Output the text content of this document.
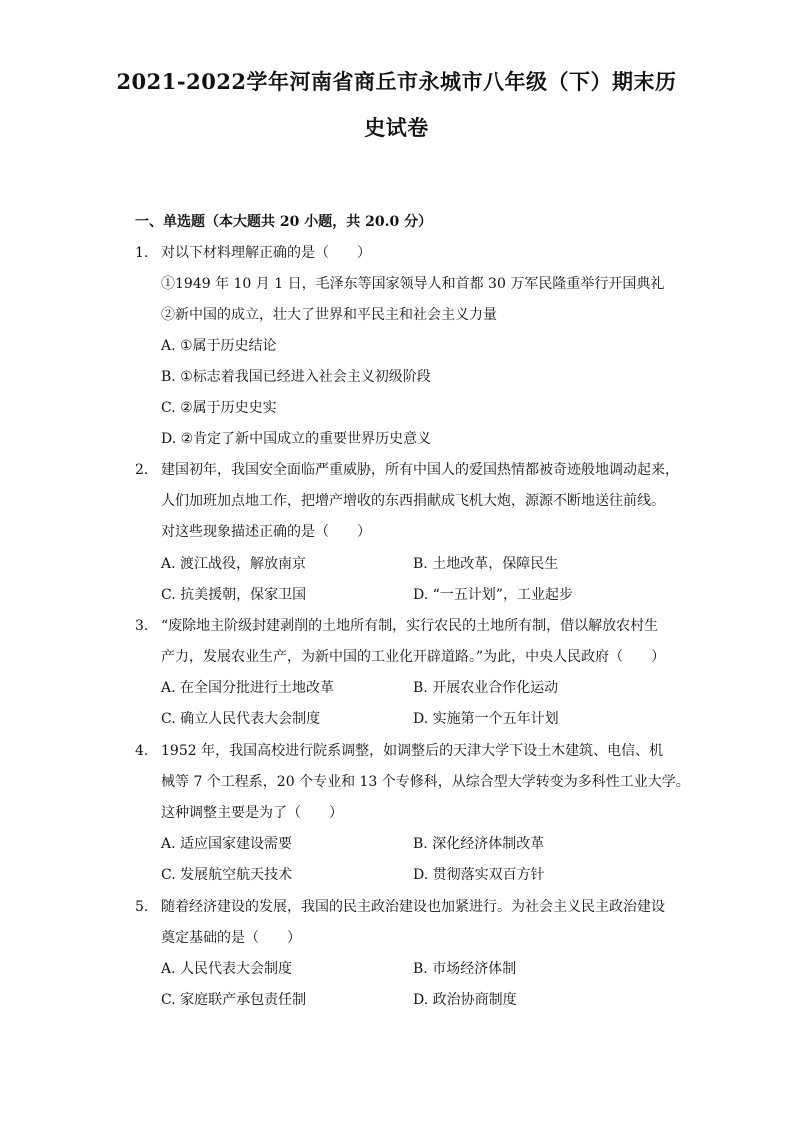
2021-2022学年河南省商丘市永城市八年级（下）期末历
史试卷
一、单选题（本大题共 20 小题，共 20.0 分）
1. 对以下材料理解正确的是（　　）
①1949 年 10 月 1 日，毛泽东等国家领导人和首都 30 万军民隆重举行开国典礼
②新中国的成立，壮大了世界和平民主和社会主义力量
A. ①属于历史结论
B. ①标志着我国已经进入社会主义初级阶段
C. ②属于历史史实
D. ②肯定了新中国成立的重要世界历史意义
2. 建国初年，我国安全面临严重威胁，所有中国人的爱国热情都被奇迹般地调动起来，
人们加班加点地工作，把增产增收的东西捐献成飞机大炮，源源不断地送往前线。
对这些现象描述正确的是（　　）
A. 渡江战役，解放南京	B. 土地改革，保障民生
C. 抗美援朝，保家卫国	D. “一五计划”，工业起步
3. “废除地主阶级封建剥削的土地所有制，实行农民的土地所有制，借以解放农村生
产力，发展农业生产，为新中国的工业化开辟道路。”为此，中央人民政府（　　）
A. 在全国分批进行土地改革	B. 开展农业合作化运动
C. 确立人民代表大会制度	D. 实施第一个五年计划
4. 1952 年，我国高校进行院系调整，如调整后的天津大学下设土木建筑、电信、机
械等 7 个工程系，20 个专业和 13 个专修科，从综合型大学转变为多科性工业大学。
这种调整主要是为了（　　）
A. 适应国家建设需要	B. 深化经济体制改革
C. 发展航空航天技术	D. 贯彻落实双百方针
5. 随着经济建设的发展，我国的民主政治建设也加紧进行。为社会主义民主政治建设
奠定基础的是（　　）
A. 人民代表大会制度	B. 市场经济体制
C. 家庭联产承包责任制	D. 政治协商制度
